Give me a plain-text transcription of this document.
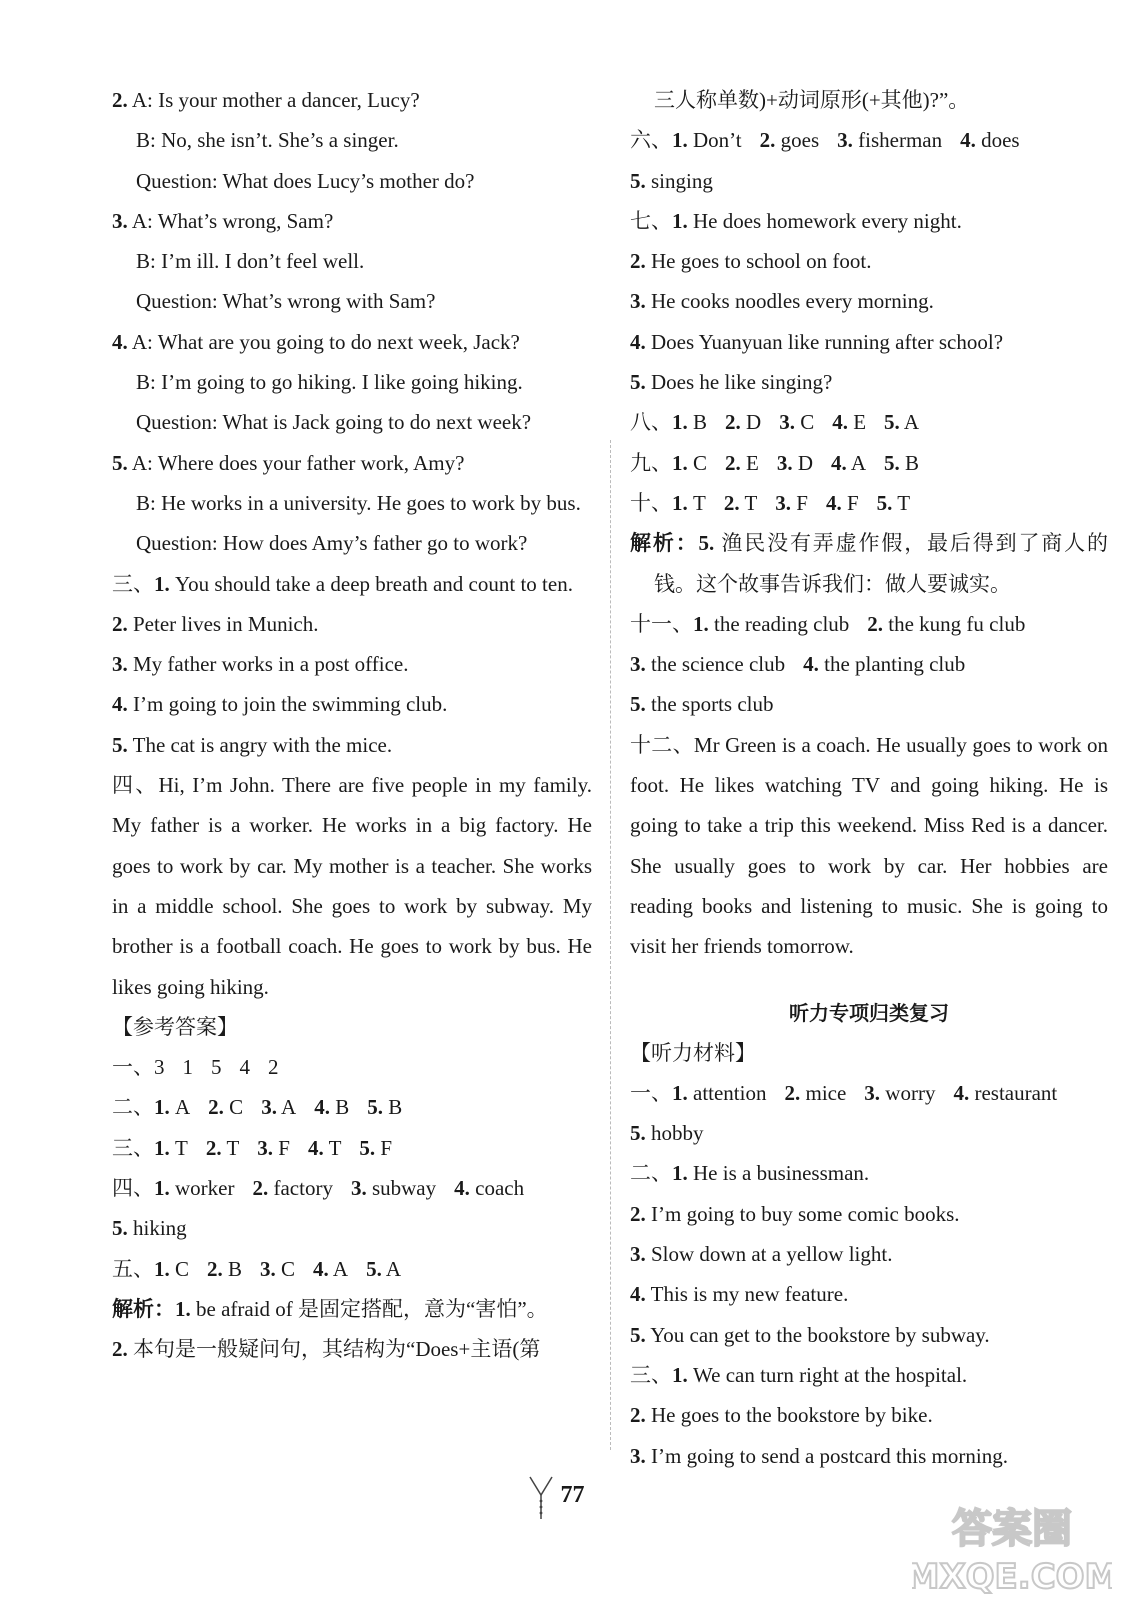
2. A: Is your mother a dancer, Lucy?
B: No, she isn’t. She’s a singer.
Question: What does Lucy’s mother do?
3. A: What’s wrong, Sam?
B: I’m ill. I don’t feel well.
Question: What’s wrong with Sam?
4. A: What are you going to do next week, Jack?
B: I’m going to go hiking. I like going hiking.
Question: What is Jack going to do next week?
5. A: Where does your father work, Amy?
B: He works in a university. He goes to work by bus.
Question: How does Amy’s father go to work?
三、1. You should take a deep breath and count to ten.
2. Peter lives in Munich.
3. My father works in a post office.
4. I’m going to join the swimming club.
5. The cat is angry with the mice.
四、Hi, I’m John. There are five people in my family. My father is a worker. He works in a big factory. He goes to work by car. My mother is a teacher. She works in a middle school. She goes to work by subway. My brother is a football coach. He goes to work by bus. He likes going hiking.
【参考答案】
一、3 1 5 4 2
二、1. A 2. C 3. A 4. B 5. B
三、1. T 2. T 3. F 4. T 5. F
四、1. worker 2. factory 3. subway 4. coach
5. hiking
五、1. C 2. B 3. C 4. A 5. A
解析：1. be afraid of 是固定搭配，意为“害怕”。
2. 本句是一般疑问句，其结构为“Does+主语(第
三人称单数)+动词原形(+其他)?”。
六、1. Don’t 2. goes 3. fisherman 4. does
5. singing
七、1. He does homework every night.
2. He goes to school on foot.
3. He cooks noodles every morning.
4. Does Yuanyuan like running after school?
5. Does he like singing?
八、1. B 2. D 3. C 4. E 5. A
九、1. C 2. E 3. D 4. A 5. B
十、1. T 2. T 3. F 4. F 5. T
解析：5. 渔民没有弄虚作假，最后得到了商人的钱。这个故事告诉我们：做人要诚实。
十一、1. the reading club 2. the kung fu club
3. the science club 4. the planting club
5. the sports club
十二、Mr Green is a coach. He usually goes to work on foot. He likes watching TV and going hiking. He is going to take a trip this weekend. Miss Red is a dancer. She usually goes to work by car. Her hobbies are reading books and listening to music. She is going to visit her friends tomorrow.
听力专项归类复习
【听力材料】
一、1. attention 2. mice 3. worry 4. restaurant
5. hobby
二、1. He is a businessman.
2. I’m going to buy some comic books.
3. Slow down at a yellow light.
4. This is my new feature.
5. You can get to the bookstore by subway.
三、1. We can turn right at the hospital.
2. He goes to the bookstore by bike.
3. I’m going to send a postcard this morning.
77
答案圈
MXQE.COM
